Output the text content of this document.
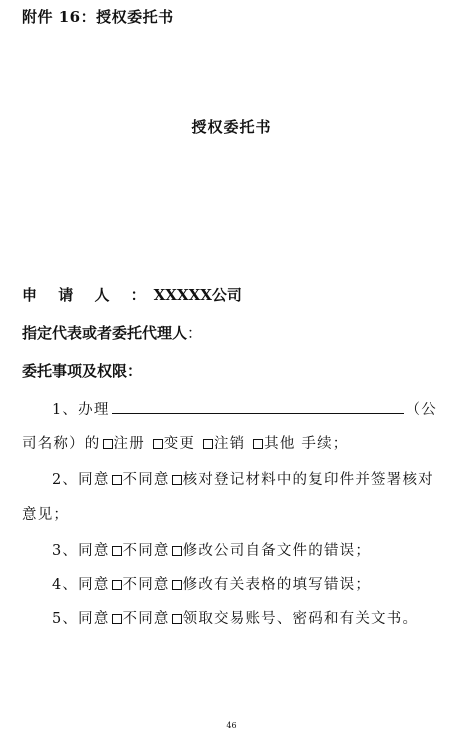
附件 16：授权委托书
授权委托书
申 请 人 ：XXXXX公司
指定代表或者委托代理人：
委托事项及权限：
1、办理	（公
司名称）的 注册 变更 注销 其他 手续；
2、同意 不同意 核对登记材料中的复印件并签署核对
意见；
3、同意 不同意 修改公司自备文件的错误；
4、同意 不同意 修改有关表格的填写错误；
5、同意 不同意 领取交易账号、密码和有关文书。
46
